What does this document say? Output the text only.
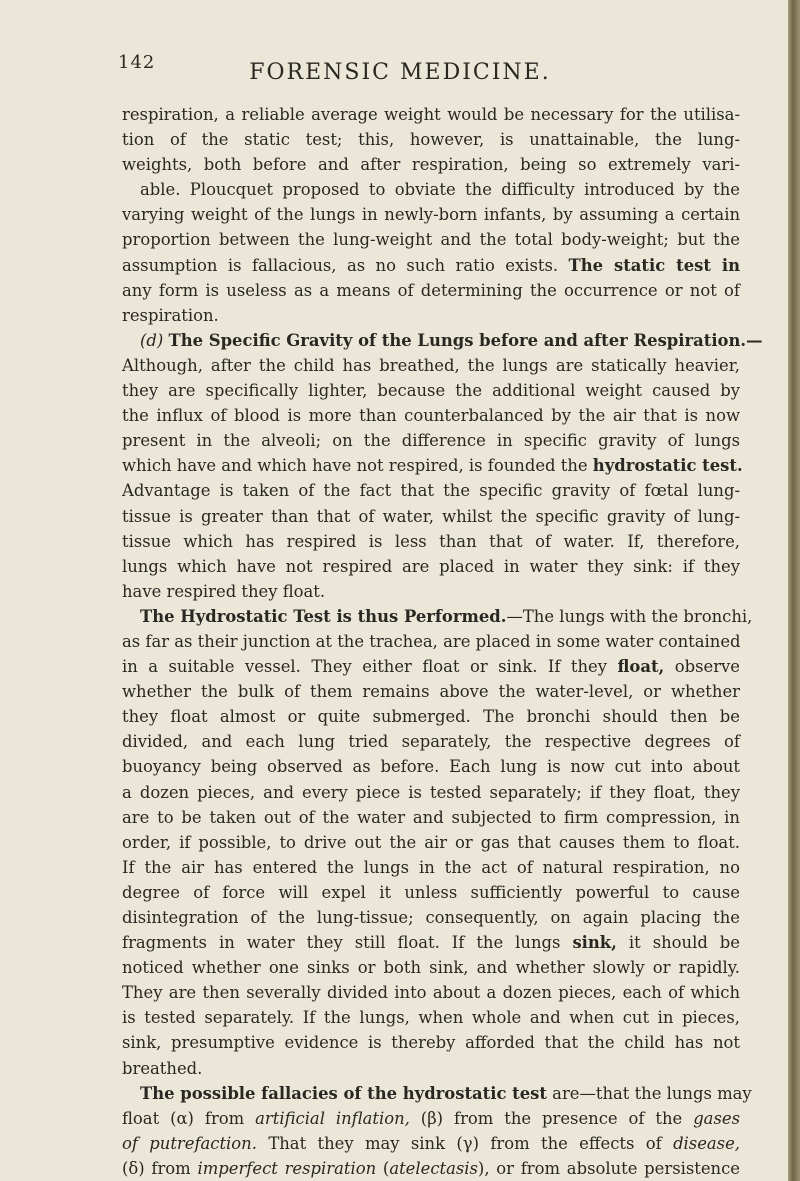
142	FORENSIC MEDICINE.
respiration, a reliable average weight would be necessary for the utilisa-
tion of the static test; this, however, is unattainable, the lung-
weights, both before and after respiration, being so extremely vari-
able. Ploucquet proposed to obviate the difficulty introduced by the
varying weight of the lungs in newly-born infants, by assuming a certain
proportion between the lung-weight and the total body-weight; but the
assumption is fallacious, as no such ratio exists. The static test in
any form is useless as a means of determining the occurrence or not of
respiration.
(d) The Specific Gravity of the Lungs before and after Respiration.—
Although, after the child has breathed, the lungs are statically heavier,
they are specifically lighter, because the additional weight caused by
the influx of blood is more than counterbalanced by the air that is now
present in the alveoli; on the difference in specific gravity of lungs
which have and which have not respired, is founded the hydrostatic test.
Advantage is taken of the fact that the specific gravity of fœtal lung-
tissue is greater than that of water, whilst the specific gravity of lung-
tissue which has respired is less than that of water. If, therefore,
lungs which have not respired are placed in water they sink: if they
have respired they float.
The Hydrostatic Test is thus Performed.—The lungs with the bronchi,
as far as their junction at the trachea, are placed in some water contained
in a suitable vessel. They either float or sink. If they float, observe
whether the bulk of them remains above the water-level, or whether
they float almost or quite submerged. The bronchi should then be
divided, and each lung tried separately, the respective degrees of
buoyancy being observed as before. Each lung is now cut into about
a dozen pieces, and every piece is tested separately; if they float, they
are to be taken out of the water and subjected to firm compression, in
order, if possible, to drive out the air or gas that causes them to float.
If the air has entered the lungs in the act of natural respiration, no
degree of force will expel it unless sufficiently powerful to cause
disintegration of the lung-tissue; consequently, on again placing the
fragments in water they still float. If the lungs sink, it should be
noticed whether one sinks or both sink, and whether slowly or rapidly.
They are then severally divided into about a dozen pieces, each of which
is tested separately. If the lungs, when whole and when cut in pieces,
sink, presumptive evidence is thereby afforded that the child has not
breathed.
The possible fallacies of the hydrostatic test are—that the lungs may
float (α) from artificial inflation, (β) from the presence of the gases
of putrefaction. That they may sink (γ) from the effects of disease,
(δ) from imperfect respiration (atelectasis), or from absolute persistence
